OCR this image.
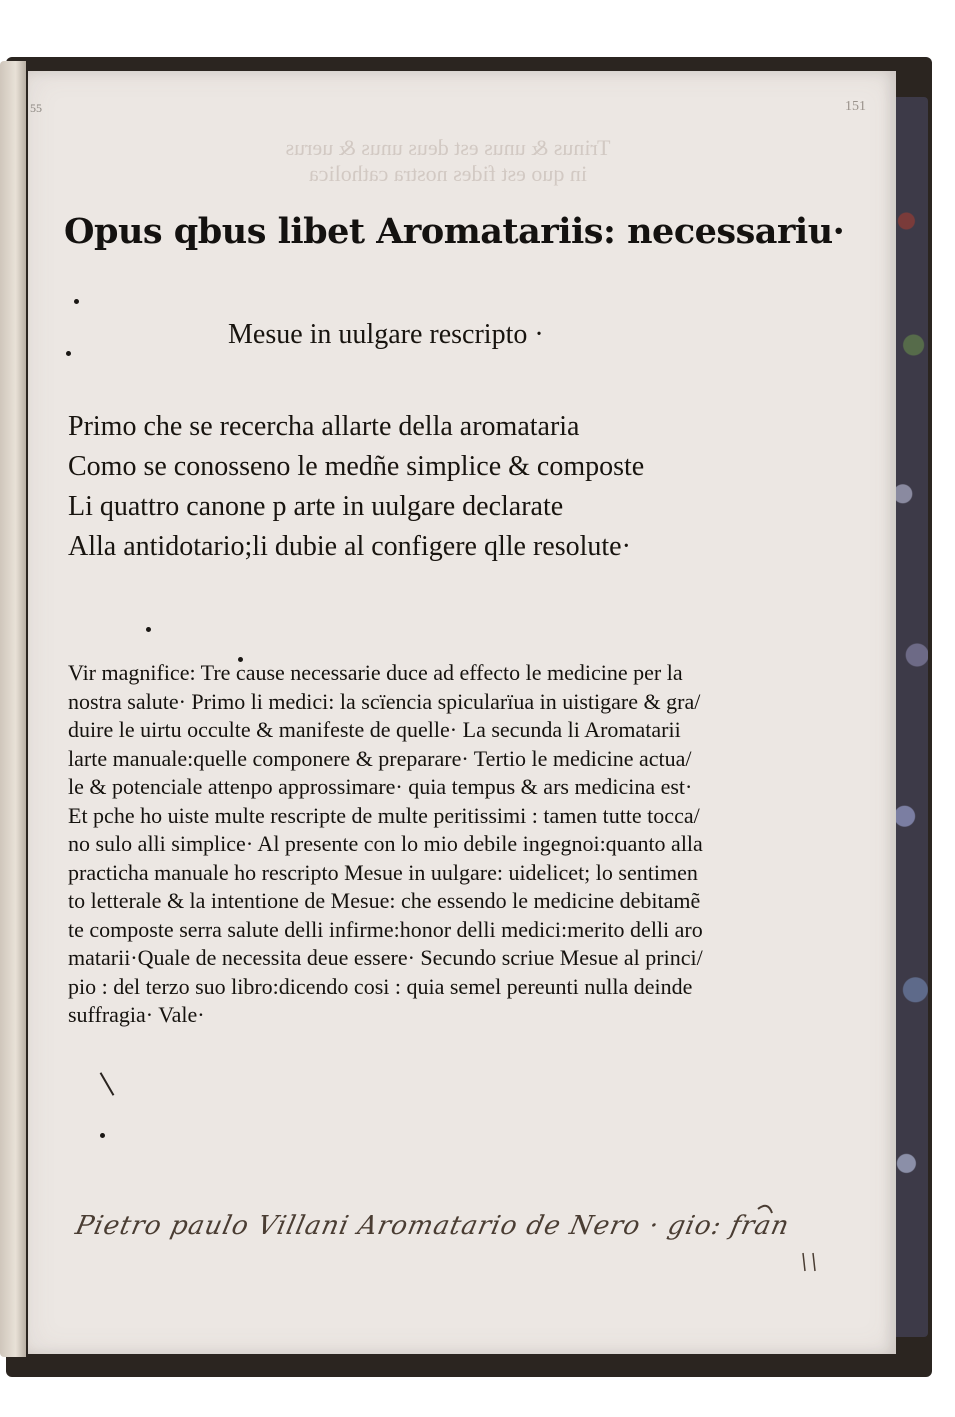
55	151
Trinus & unus est deus unus & uerus
in quo est fides nostra catholica
Opus qbus libet Aromatariis: necessariu·
Mesue in uulgare rescripto ·
Primo che se recercha allarte della aromataria
Como se conosseno le medñe simplice & composte
Li quattro canone p arte in uulgare declarate
Alla antidotario;li dubie al configere qlle resolute·
Vir magnifice: Tre cause necessarie duce ad effecto le medicine per la
nostra salute· Primo li medici: la scïencia spicularïua in uistigare & gra/
duire le uirtu occulte & manifeste de quelle· La secunda li Aromatarii
larte manuale:quelle componere & preparare· Tertio le medicine actua/
le & potenciale attenpo approssimare· quia tempus & ars medicina est·
Et pche ho uiste multe rescripte de multe peritissimi : tamen tutte tocca/
no sulo alli simplice· Al presente con lo mio debile ingegnoi:quanto alla
practicha manuale ho rescripto Mesue in uulgare: uidelicet; lo sentimen
to letterale & la intentione de Mesue: che essendo le medicine debitamẽ
te composte serra salute delli infirme:honor delli medici:merito delli aro
matarii·Quale de necessita deue essere· Secundo scriue Mesue al princi/
pio : del terzo suo libro:dicendo cosi : quia semel pereunti nulla deinde
suffragia· Vale·
Pietro paulo Villani Aromatario de Nero · gio: fran
